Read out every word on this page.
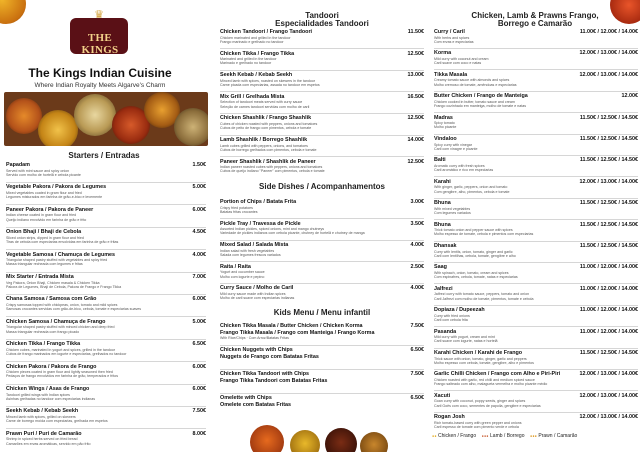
♛
THE KINGS
The Kings Indian Cuisine
Where Indian Royalty Meets Algarve's Charm
Starters / Entradas
Papadam
Served with mint sauce and spicy onion
Servido com molho de hortelã e cebola picante
1.50€
Vegetable Pakora / Pakora de Legumes
Mixed vegetables coated in gram flour and fried
Legumes misturados em farinha de grão-e-bico e levemente
5.00€
Paneer Pakora / Pakora de Paneer
Indian cheese coated in gram flour and fried
Queijo indiano envolvido em farinha de grão e frito
6.00€
Onion Bhaji / Bhaji de Cebola
Sliced onion strips, dipped in gram flour and fried
Tiras de cebola com especiarias envolvidas em farinha de grão e fritas
4.50€
Vegetable Samosa / Chamuça de Legumes
Triangular shaped pastry stuffed with vegetables and spicy fried
Massa triangular recheada com legumes e fritas
4.00€
Mix Starter / Entrada Mista
Veg Pakora, Onion Bhaji, Chicken masala & Chicken Tikka
Pakora de Legumes, Bhaji de Cebola, Pakora de Frango e Frango Tikka
7.00€
Chana Samosa / Samosa com Grão
Crispy samosas topped with chickpeas, onion, tomato and mild spices
Samosas crocantes servidas com grão-de-bico, cebola, tomate e especiarias suaves
6.00€
Chicken Samosa / Chamuça de Frango
Triangular shaped pastry stuffed with minced chicken and deep fried
Massa triangular recheada com frango picado
5.00€
Chicken Tikka / Frango Tikka
Chicken cubes, marinated in yogurt and spices, grilled in the tandoor
Cubos de frango marinados em iogurte e especiarias, grelhados no tandoor
6.50€
Chicken Pakora / Pakora de Frango
Chicken pieces coated in gram flour and lightly seasoned then fried
Pedaços de frango envolvidos em farinha de grão, temperados e fritos
6.00€
Chicken Wings / Asas de Frango
Tandoori grilled wings with Indian spices
Asinhas grelhadas no tandoor com especiarias indianas
6.00€
Seekh Kebab / Kebab Seekh
Minced lamb with spices, grilled on skewers
Carne de borrego moída com especiarias, grelhada em espetos
7.50€
Prawn Puri / Puri de Camarão
Shrimp in spiced herbs served on fried bread
Camarões em ervas aromáticas, servido em pão frito
8.00€
Tandoori
Especialidades Tandoori
Chicken Tandoori / Frango Tandoori
Chicken marinated and grilled in the tandoor
Frango marinado e grelhado no tandoor
11.50€
Chicken Tikka / Frango Tikka
Marinated and grilled in the tandoor
Marinado e grelhado no tandoor
12.50€
Seekh Kebab / Kebab Seekh
Minced lamb with spices, roasted on skewers in the tandoor
Carne picada com especiarias, assada no tandoor em espetos
13.00€
Mix Grill / Grelhada Mista
Selection of tandoori meats served with curry sauce
Seleção de carnes tandoori servidas com molho de caril
16.50€
Chicken Shashlik / Frango Shashlik
Cubes of chicken roasted with peppers, onions and tomatoes
Cubos de peito de frango com pimentos, cebola e tomate
12.50€
Lamb Shashlik / Borrego Shashlik
Lamb cubes grilled with peppers, onions, and tomatoes
Cubos de borrego grelhados com pimentos, cebola e tomate
14.00€
Paneer Shashlik / Shashlik de Paneer
Indian paneer roasted cubes with peppers, onions and tomatoes
Cubos de queijo indiano "Paneer" com pimentos, cebola e tomate
12.50€
Side Dishes / Acompanhamentos
Portion of Chips / Batata Frita
Crispy fried potatoes
Batatas fritas crocantes
3.00€
Pickle Tray / Travessa de Pickle
Assorted Indian pickles, spiced onions, mint and mango chutneys
Variedade de pickles indianos com cebola picante, chutney de hortelã e chutney de manga
3.50€
Mixed Salad / Salada Mista
Indian salad with fresh vegetables
Salada com legumes frescos variados
4.00€
Raita / Raita
Yogurt and cucumber sauce
Molho com iogurte e pepino
2.50€
Curry Sauce / Molho de Caril
Mild curry sauce made with Indian spices
Molho de caril suave com especiarias indianas
4.00€
Kids Menu / Menu infantil
Chicken Tikka Masala / Butter Chicken / Chicken Korma
Frango Tikka Masala / Frango com Manteiga / Frango Korma
With Rice/Chips · Com Arroz/Batatas Fritas
7.50€
Chicken Nuggets with Chips
Nuggets de Frango com Batatas Fritas
6.50€
Chicken Tikka Tandoori with Chips
Frango Tikka Tandoori com Batatas Fritas
7.50€
Omelette with Chips
Omelete com Batatas Fritas
6.50€
Chicken, Lamb & Prawns Frango,
Borrego e Camarão
Curry / Caril
With herbs and spices
Com ervas e especiarias
11.00€ / 12.00€ / 14.00€
Korma
Mild curry with coconut and cream
Caril suave com coco e natas
12.00€ / 13.00€ / 14.00€
Tikka Masala
Creamy tomato sauce with almonds and spices
Molho cremoso de tomate, amêndoas e especiarias
12.00€ / 13.00€ / 14.00€
Butter Chicken / Frango de Manteiga
Chicken cooked in butter, tomato sauce and cream
Frango cozinhado em manteiga, molho de tomate e natas
12.00€
Madras
Spicy tomato
Molho picante
11.50€ / 12.50€ / 14.50€
Vindaloo
Spicy curry with vinegar
Caril com vinagre e picante
11.50€ / 12.50€ / 14.50€
Balti
Aromatic curry with fresh spices
Caril aromático e rico em especiarias
11.50€ / 12.50€ / 14.50€
Karahi
With ginger, garlic, peppers, onion and tomato
Com gengibre, alho, pimentos, cebola e tomate
12.00€ / 13.00€ / 14.00€
Bhuna
With mixed vegetables
Com legumes variados
11.50€ / 12.50€ / 14.50€
Bhuna
Thick tomato onion and pepper sauce with spices
Molho espesso de tomate, cebola e pimentos com especiarias
11.50€ / 12.50€ / 14.50€
Dhansak
Curry with lentils, onion, tomato, ginger and garlic
Caril com lentilhas, cebola, tomate, gengibre e alho
11.50€ / 12.50€ / 14.50€
Saag
With spinach, onion, tomato, cream and spices
Com espinafres, cebola, tomate, natas e especiarias
11.00€ / 12.00€ / 14.00€
Jalfrezi
Jalfrezi curry with tomato sauce, peppers, tomato and onion
Caril Jalfrezi com molho de tomate, pimentos, tomate e cebola
11.00€ / 12.00€ / 14.00€
Dopiaza / Dupeezah
Curry with fried onions
Caril com cebola frita
11.00€ / 12.00€ / 14.00€
Pasanda
Mild curry with yogurt, cream and mint
Caril suave com iogurte, natas e hortelã
11.00€ / 12.00€ / 14.00€
Karahi Chicken / Karahi de Frango
Thick sauce with onion, tomato, ginger, garlic and peppers
Molho espesso com cebola, tomate, gengibre, alho e pimentos
11.50€ / 12.50€ / 14.50€
Garlic Chilli Chicken / Frango com Alho e Piri-Piri
Chicken roasted with garlic, red chilli and medium spiced sauce
Frango salteado com alho, malagueta vermelha e molho picante médio
12.00€ / 13.00€ / 14.00€
Xacuti
Goan curry with coconut, poppy seeds, ginger and spices
Caril Goês com coco, sementes de papoila, gengibre e especiarias
12.00€ / 13.00€ / 14.00€
Rogan Josh
Rich tomato-based curry with green pepper and onions
Caril espesso de tomate com pimento verde e cebola
12.00€ / 13.00€ / 14.00€
●● Chicken / Frango ●●● Lamb / Borrego ●●● Prawn / Camarão
